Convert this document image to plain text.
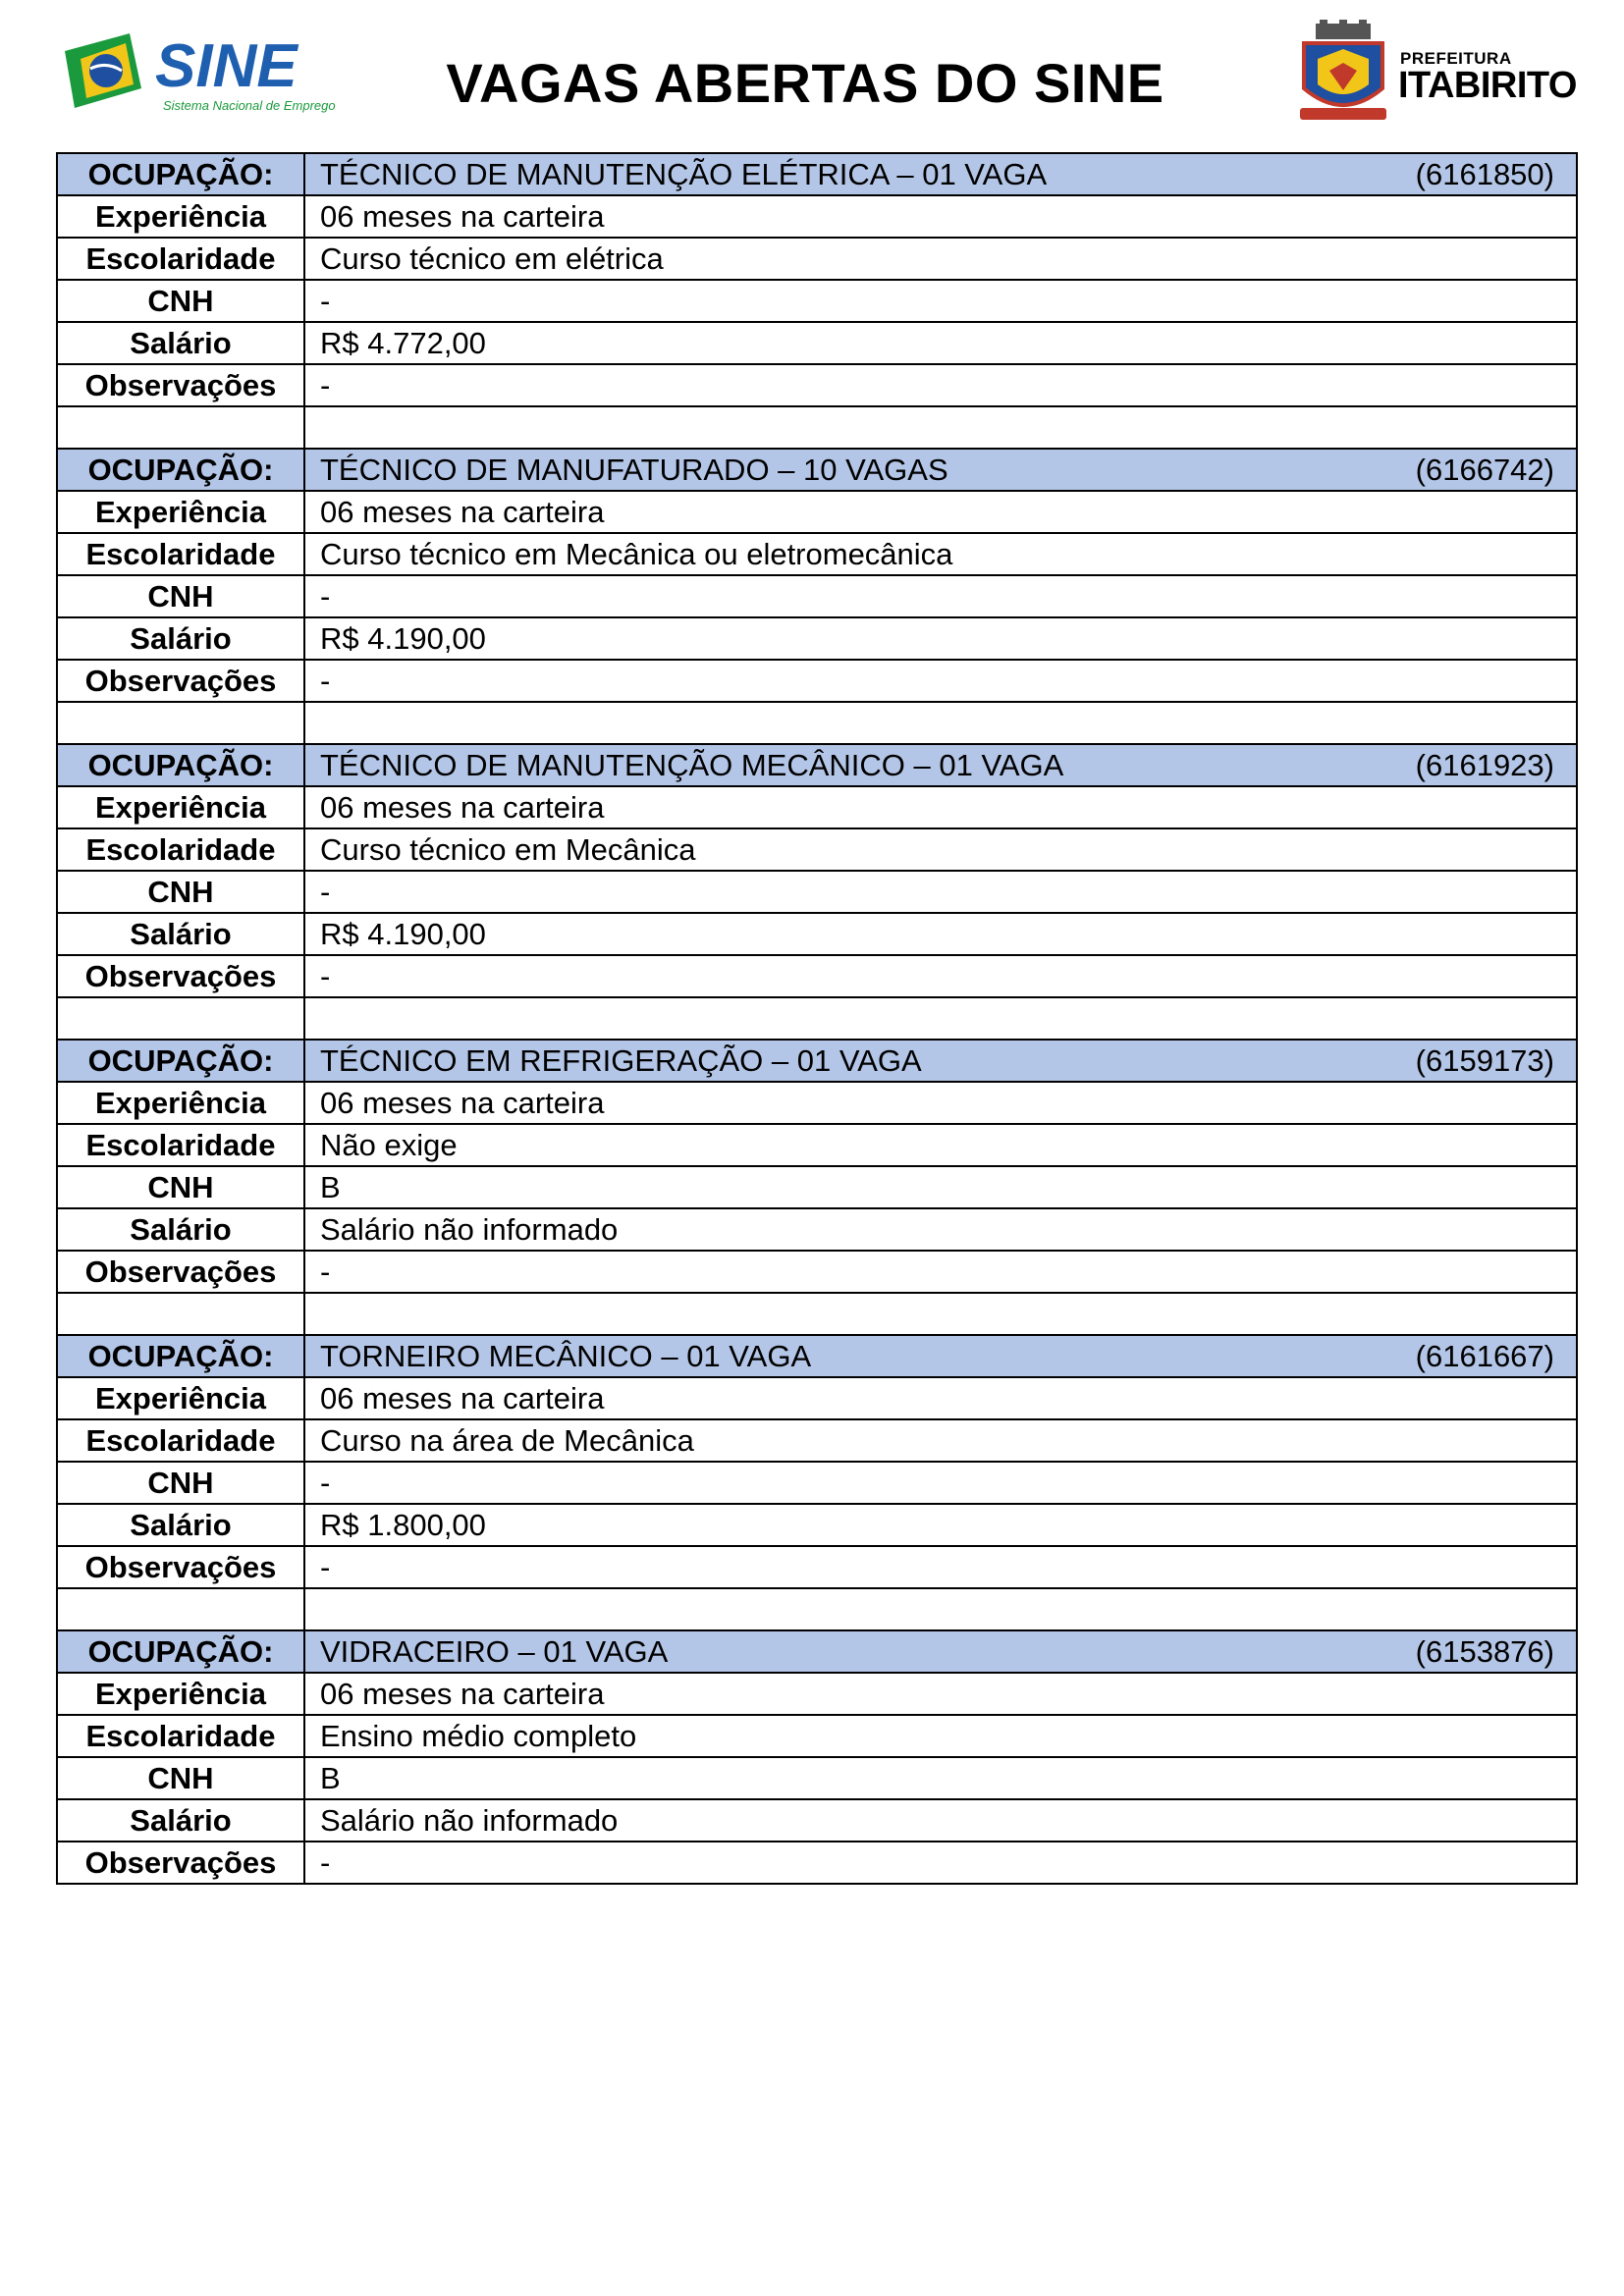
SINE
Sistema Nacional de Emprego VAGAS ABERTAS DO SINE	PREFEITURA
ITABIRITO
OCUPAÇÃO:	TÉCNICO DE MANUTENÇÃO ELÉTRICA – 01 VAGA (6161850)

Experiência	06 meses na carteira
Escolaridade	Curso técnico em elétrica
CNH	-
Salário	R$ 4.772,00
Observações	-

OCUPAÇÃO:	TÉCNICO DE MANUFATURADO – 10 VAGAS (6166742)

Experiência	06 meses na carteira
Escolaridade	Curso técnico em Mecânica ou eletromecânica
CNH	-
Salário	R$ 4.190,00
Observações	-

OCUPAÇÃO:	TÉCNICO DE MANUTENÇÃO MECÂNICO – 01 VAGA (6161923)

Experiência	06 meses na carteira
Escolaridade	Curso técnico em Mecânica
CNH	-
Salário	R$ 4.190,00
Observações	-

OCUPAÇÃO:	TÉCNICO EM REFRIGERAÇÃO – 01 VAGA (6159173)

Experiência	06 meses na carteira
Escolaridade	Não exige
CNH	B
Salário	Salário não informado
Observações	-

OCUPAÇÃO:	TORNEIRO MECÂNICO – 01 VAGA (6161667)

Experiência	06 meses na carteira
Escolaridade	Curso na área de Mecânica
CNH	-
Salário	R$ 1.800,00
Observações	-

OCUPAÇÃO:	VIDRACEIRO – 01 VAGA (6153876)

Experiência	06 meses na carteira
Escolaridade	Ensino médio completo
CNH	B
Salário	Salário não informado
Observações	-
